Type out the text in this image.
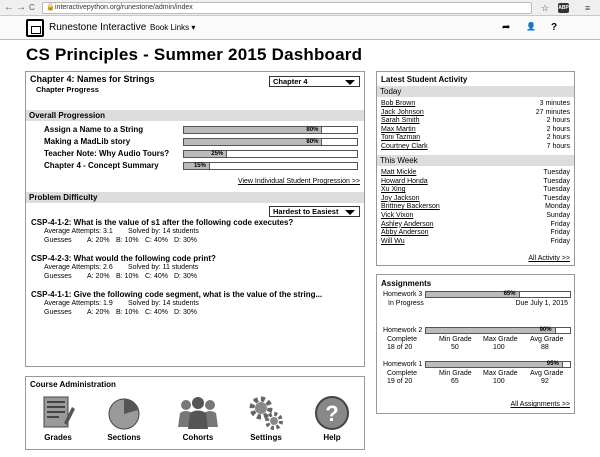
← → C 🔒 interactivepython.org/runestone/admin/index	☆ ABP ≡
Runestone Interactive Book Links ▾	➦ 👤 ?
CS Principles - Summer 2015 Dashboard
Chapter 4: Names for Strings
Chapter Progress
Chapter 4
Overall Progression
Assign a Name to a String	80%
Making a MadLib story	80%
Teacher Note: Why Audio Tours?	25%
Chapter 4 - Concept Summary	15%
View Individual Student Progression >>
Problem Difficulty
Hardest to Easiest
CSP-4-1-2: What is the value of s1 after the following code executes?
Average Attempts: 3.1 Solved by: 14 students
Guesses A: 20% B: 10% C: 40% D: 30%
CSP-4-2-3: What would the following code print?
Average Attempts: 2.6 Solved by: 11 students
Guesses A: 20% B: 10% C: 40% D: 30%
CSP-4-1-1: Give the following code segment, what is the value of the string...
Average Attempts: 1.9 Solved by: 14 students
Guesses A: 20% B: 10% C: 40% D: 30%
Latest Student Activity
Today
Bob Brown	3 minutes
Jack Johnson	27 minutes
Sarah Smith	2 hours
Max Martin	2 hours
Toni Tazman	2 hours
Courtney Clark	7 hours
This Week
Matt Mickle	Tuesday
Howard Honda	Tuesday
Xu Xing	Tuesday
Joy Jackson	Tuesday
Brittney Backerson	Monday
Vick Vixon	Sunday
Ashley Anderson	Friday
Abby Anderson	Friday
Will Wu	Friday
All Activity >>
Assignments
Homework 3	65%
In Progress	Due July 1, 2015
Homework 2	90%
Complete	Min Grade Max Grade Avg Grade
18 of 20	50	100	88
Homework 1	95%
Complete	Min Grade Max Grade Avg Grade
19 of 20	65	100	92
All Assignments >>
Course Administration
Grades	Sections	Cohorts	Settings
?
Help
